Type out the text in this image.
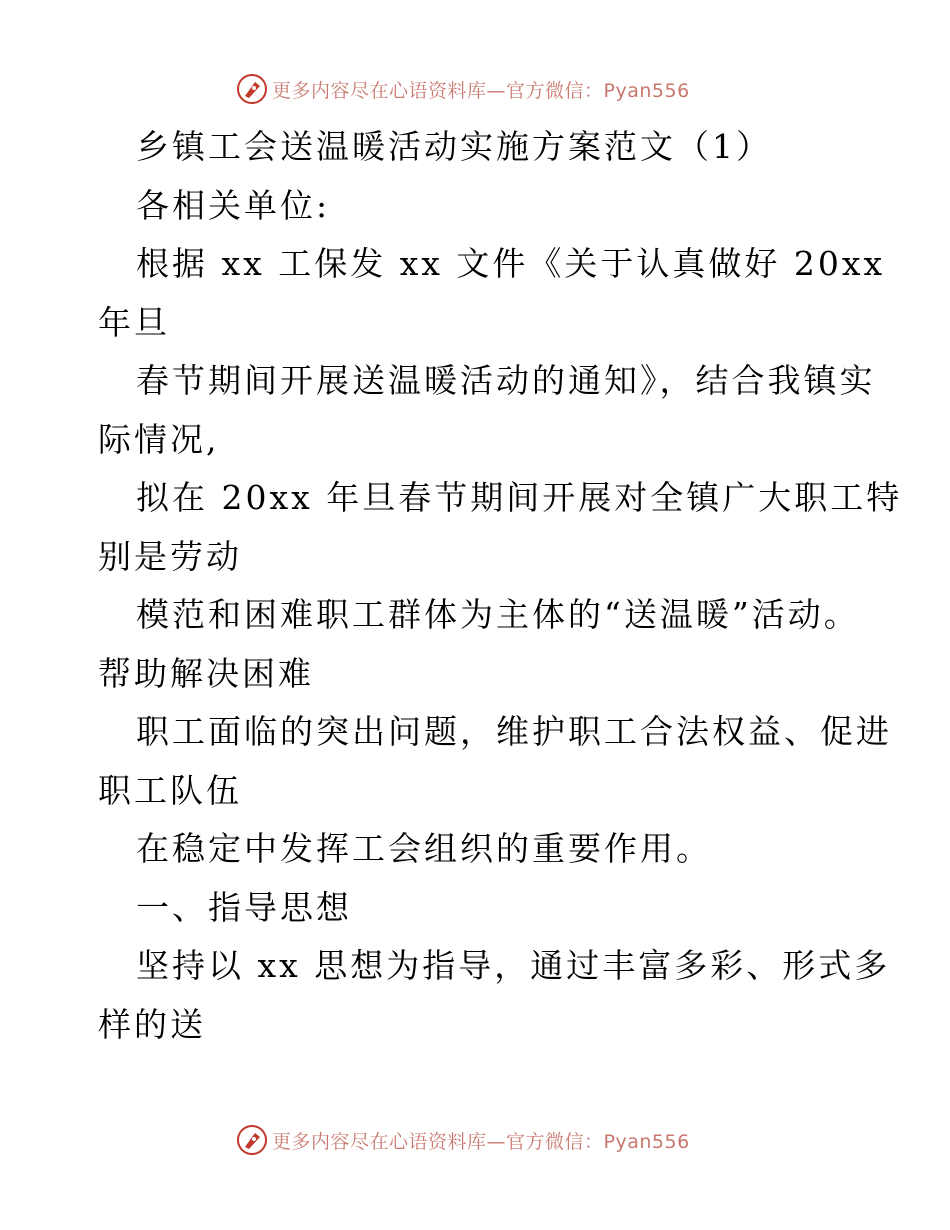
更多内容尽在心语资料库—官方微信：Pyan556
乡镇工会送温暖活动实施方案范文（1）
各相关单位:
根据 xx 工保发 xx 文件《关于认真做好 20xx
年旦
春节期间开展送温暖活动的通知》，结合我镇实
际情况,
拟在 20xx 年旦春节期间开展对全镇广大职工特
别是劳动
模范和困难职工群体为主体的“送温暖”活动。
帮助解决困难
职工面临的突出问题，维护职工合法权益、促进
职工队伍
在稳定中发挥工会组织的重要作用。
一、指导思想
坚持以 xx 思想为指导，通过丰富多彩、形式多
样的送
更多内容尽在心语资料库—官方微信：Pyan556
